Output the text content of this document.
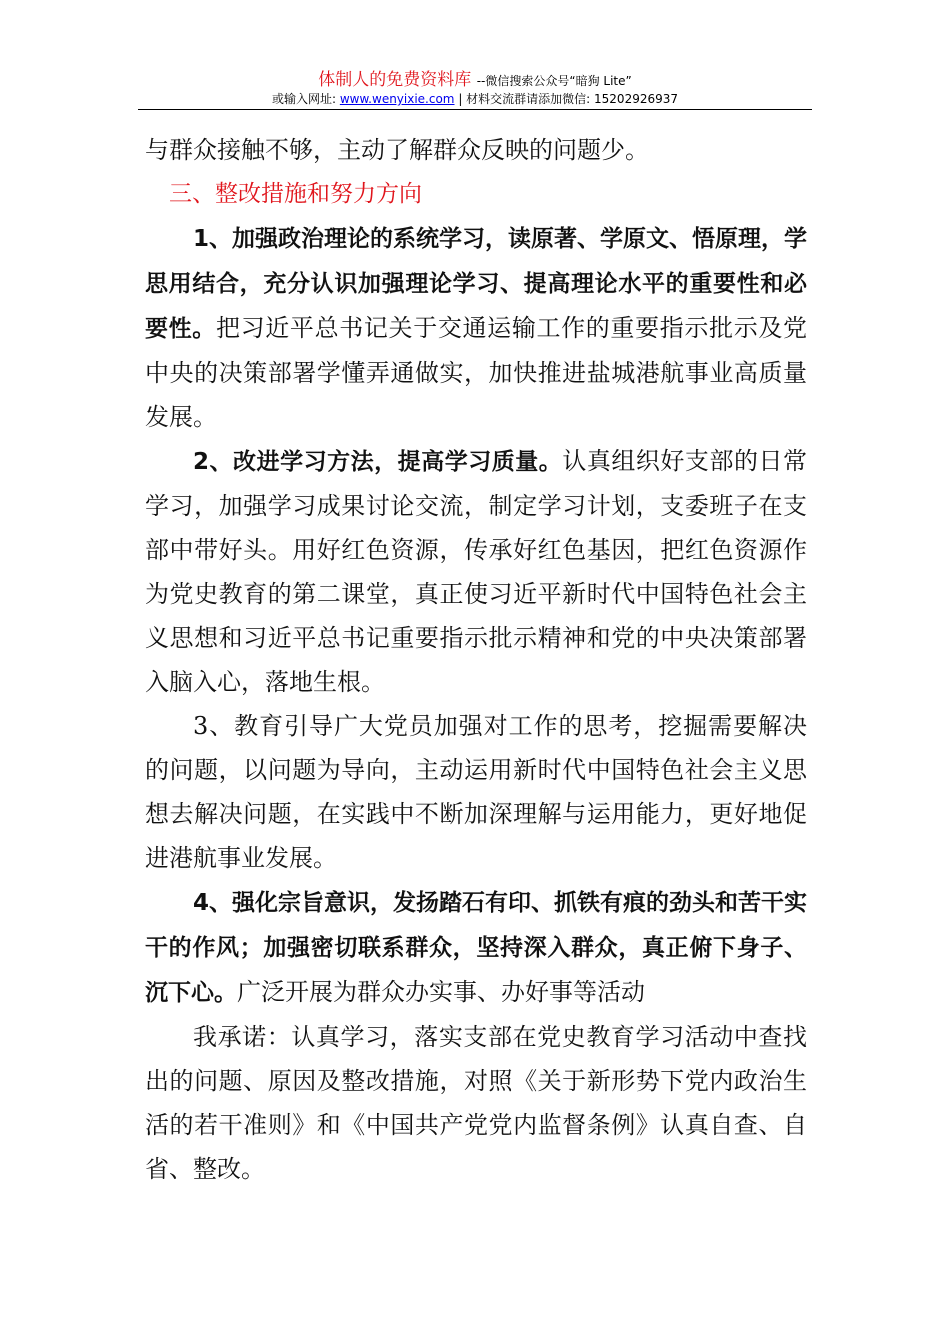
体制人的免费资料库 --微信搜索公众号“暗狗 Lite”
或输入网址: www.wenyixie.com | 材料交流群请添加微信: 15202926937

与群众接触不够，主动了解群众反映的问题少。

三、整改措施和努力方向

1、加强政治理论的系统学习，读原著、学原文、悟原理，学思用结合，充分认识加强理论学习、提高理论水平的重要性和必要性。把习近平总书记关于交通运输工作的重要指示批示及党中央的决策部署学懂弄通做实，加快推进盐城港航事业高质量发展。

2、改进学习方法，提高学习质量。认真组织好支部的日常学习，加强学习成果讨论交流，制定学习计划，支委班子在支部中带好头。用好红色资源，传承好红色基因，把红色资源作为党史教育的第二课堂，真正使习近平新时代中国特色社会主义思想和习近平总书记重要指示批示精神和党的中央决策部署入脑入心，落地生根。

3、教育引导广大党员加强对工作的思考，挖掘需要解决的问题，以问题为导向，主动运用新时代中国特色社会主义思想去解决问题，在实践中不断加深理解与运用能力，更好地促进港航事业发展。

4、强化宗旨意识，发扬踏石有印、抓铁有痕的劲头和苦干实干的作风；加强密切联系群众，坚持深入群众，真正俯下身子、沉下心。广泛开展为群众办实事、办好事等活动

我承诺：认真学习，落实支部在党史教育学习活动中查找出的问题、原因及整改措施，对照《关于新形势下党内政治生活的若干准则》和《中国共产党党内监督条例》认真自查、自省、整改。
